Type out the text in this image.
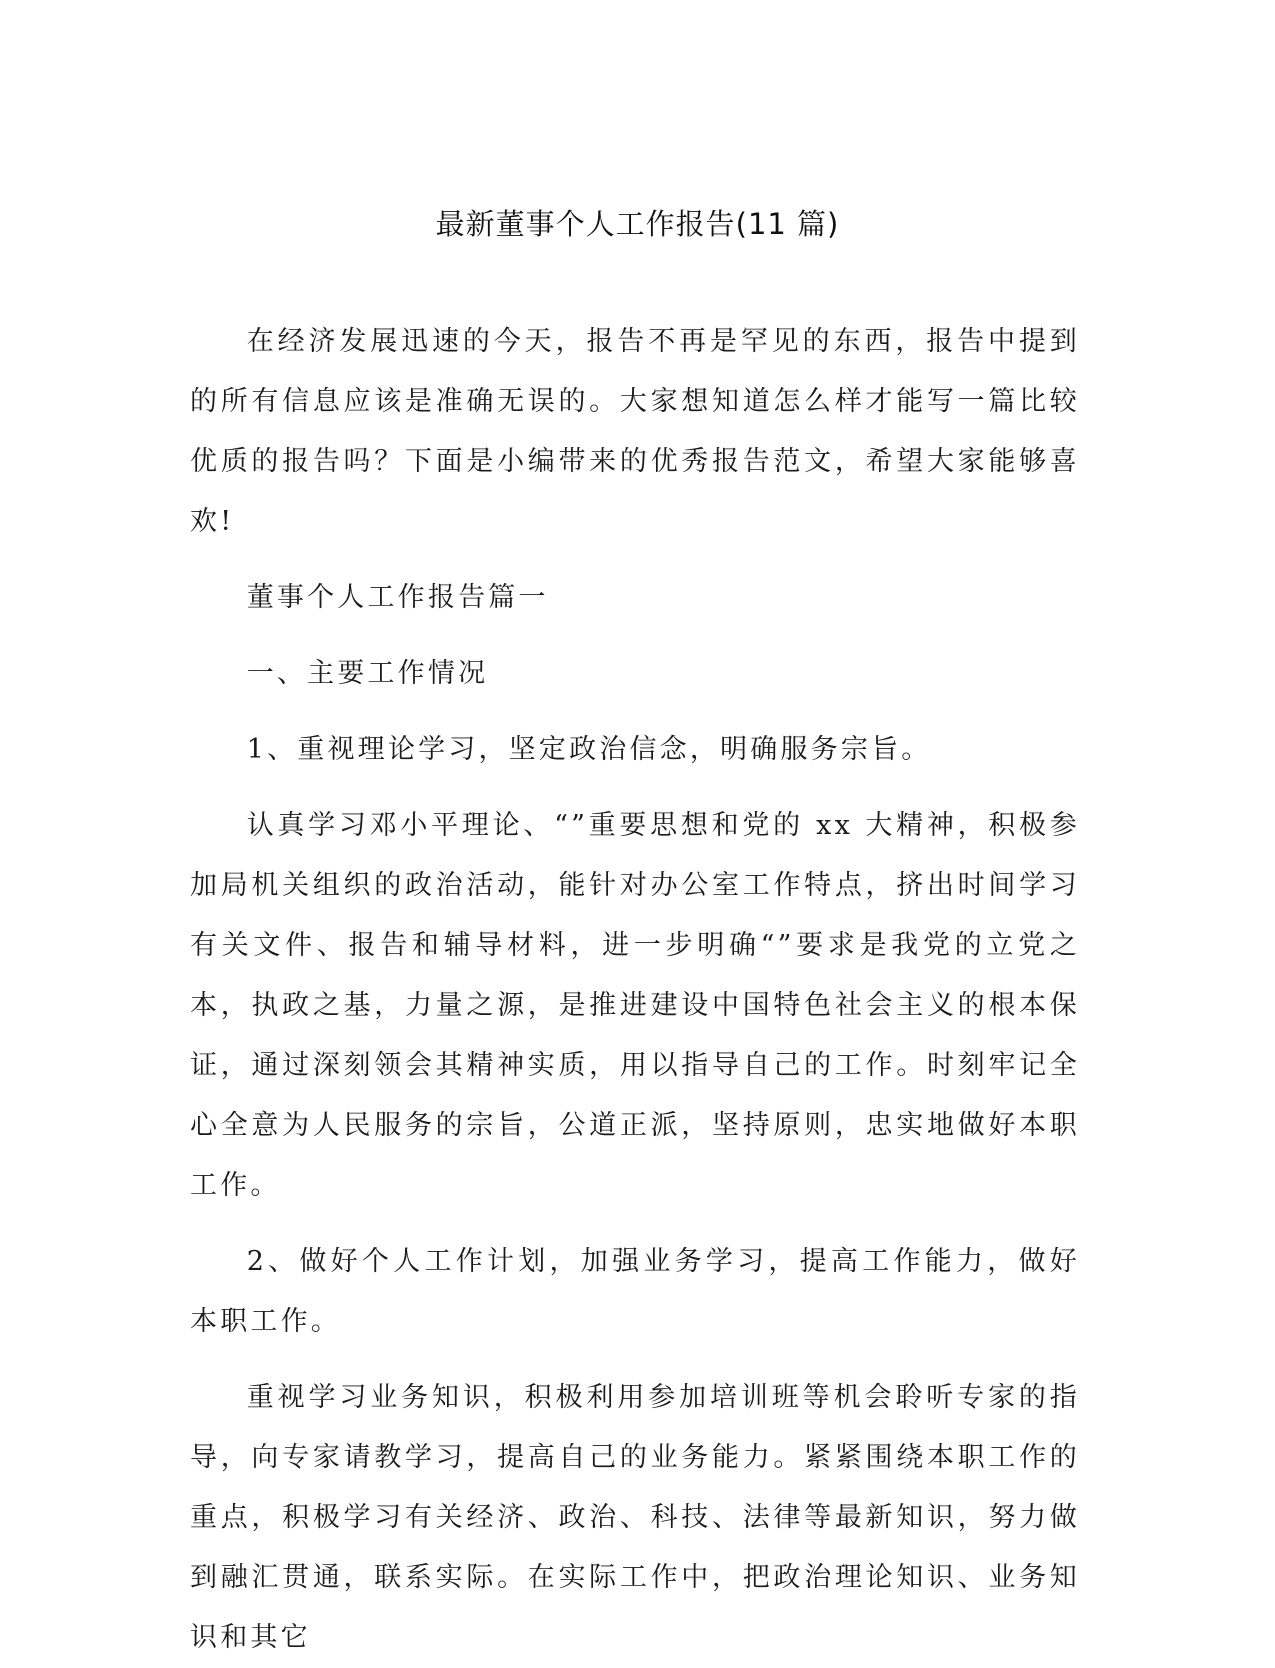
最新董事个人工作报告(11 篇)

在经济发展迅速的今天，报告不再是罕见的东西，报告中提到的所有信息应该是准确无误的。大家想知道怎么样才能写一篇比较优质的报告吗？下面是小编带来的优秀报告范文，希望大家能够喜欢!

董事个人工作报告篇一

一、主要工作情况

1、重视理论学习，坚定政治信念，明确服务宗旨。

认真学习邓小平理论、“”重要思想和党的 xx 大精神，积极参加局机关组织的政治活动，能针对办公室工作特点，挤出时间学习有关文件、报告和辅导材料，进一步明确“”要求是我党的立党之本，执政之基，力量之源，是推进建设中国特色社会主义的根本保证，通过深刻领会其精神实质，用以指导自己的工作。时刻牢记全心全意为人民服务的宗旨，公道正派，坚持原则，忠实地做好本职工作。

2、做好个人工作计划，加强业务学习，提高工作能力，做好本职工作。

重视学习业务知识，积极利用参加培训班等机会聆听专家的指导，向专家请教学习，提高自己的业务能力。紧紧围绕本职工作的重点，积极学习有关经济、政治、科技、法律等最新知识，努力做到融汇贯通，联系实际。在实际工作中，把政治理论知识、业务知识和其它
